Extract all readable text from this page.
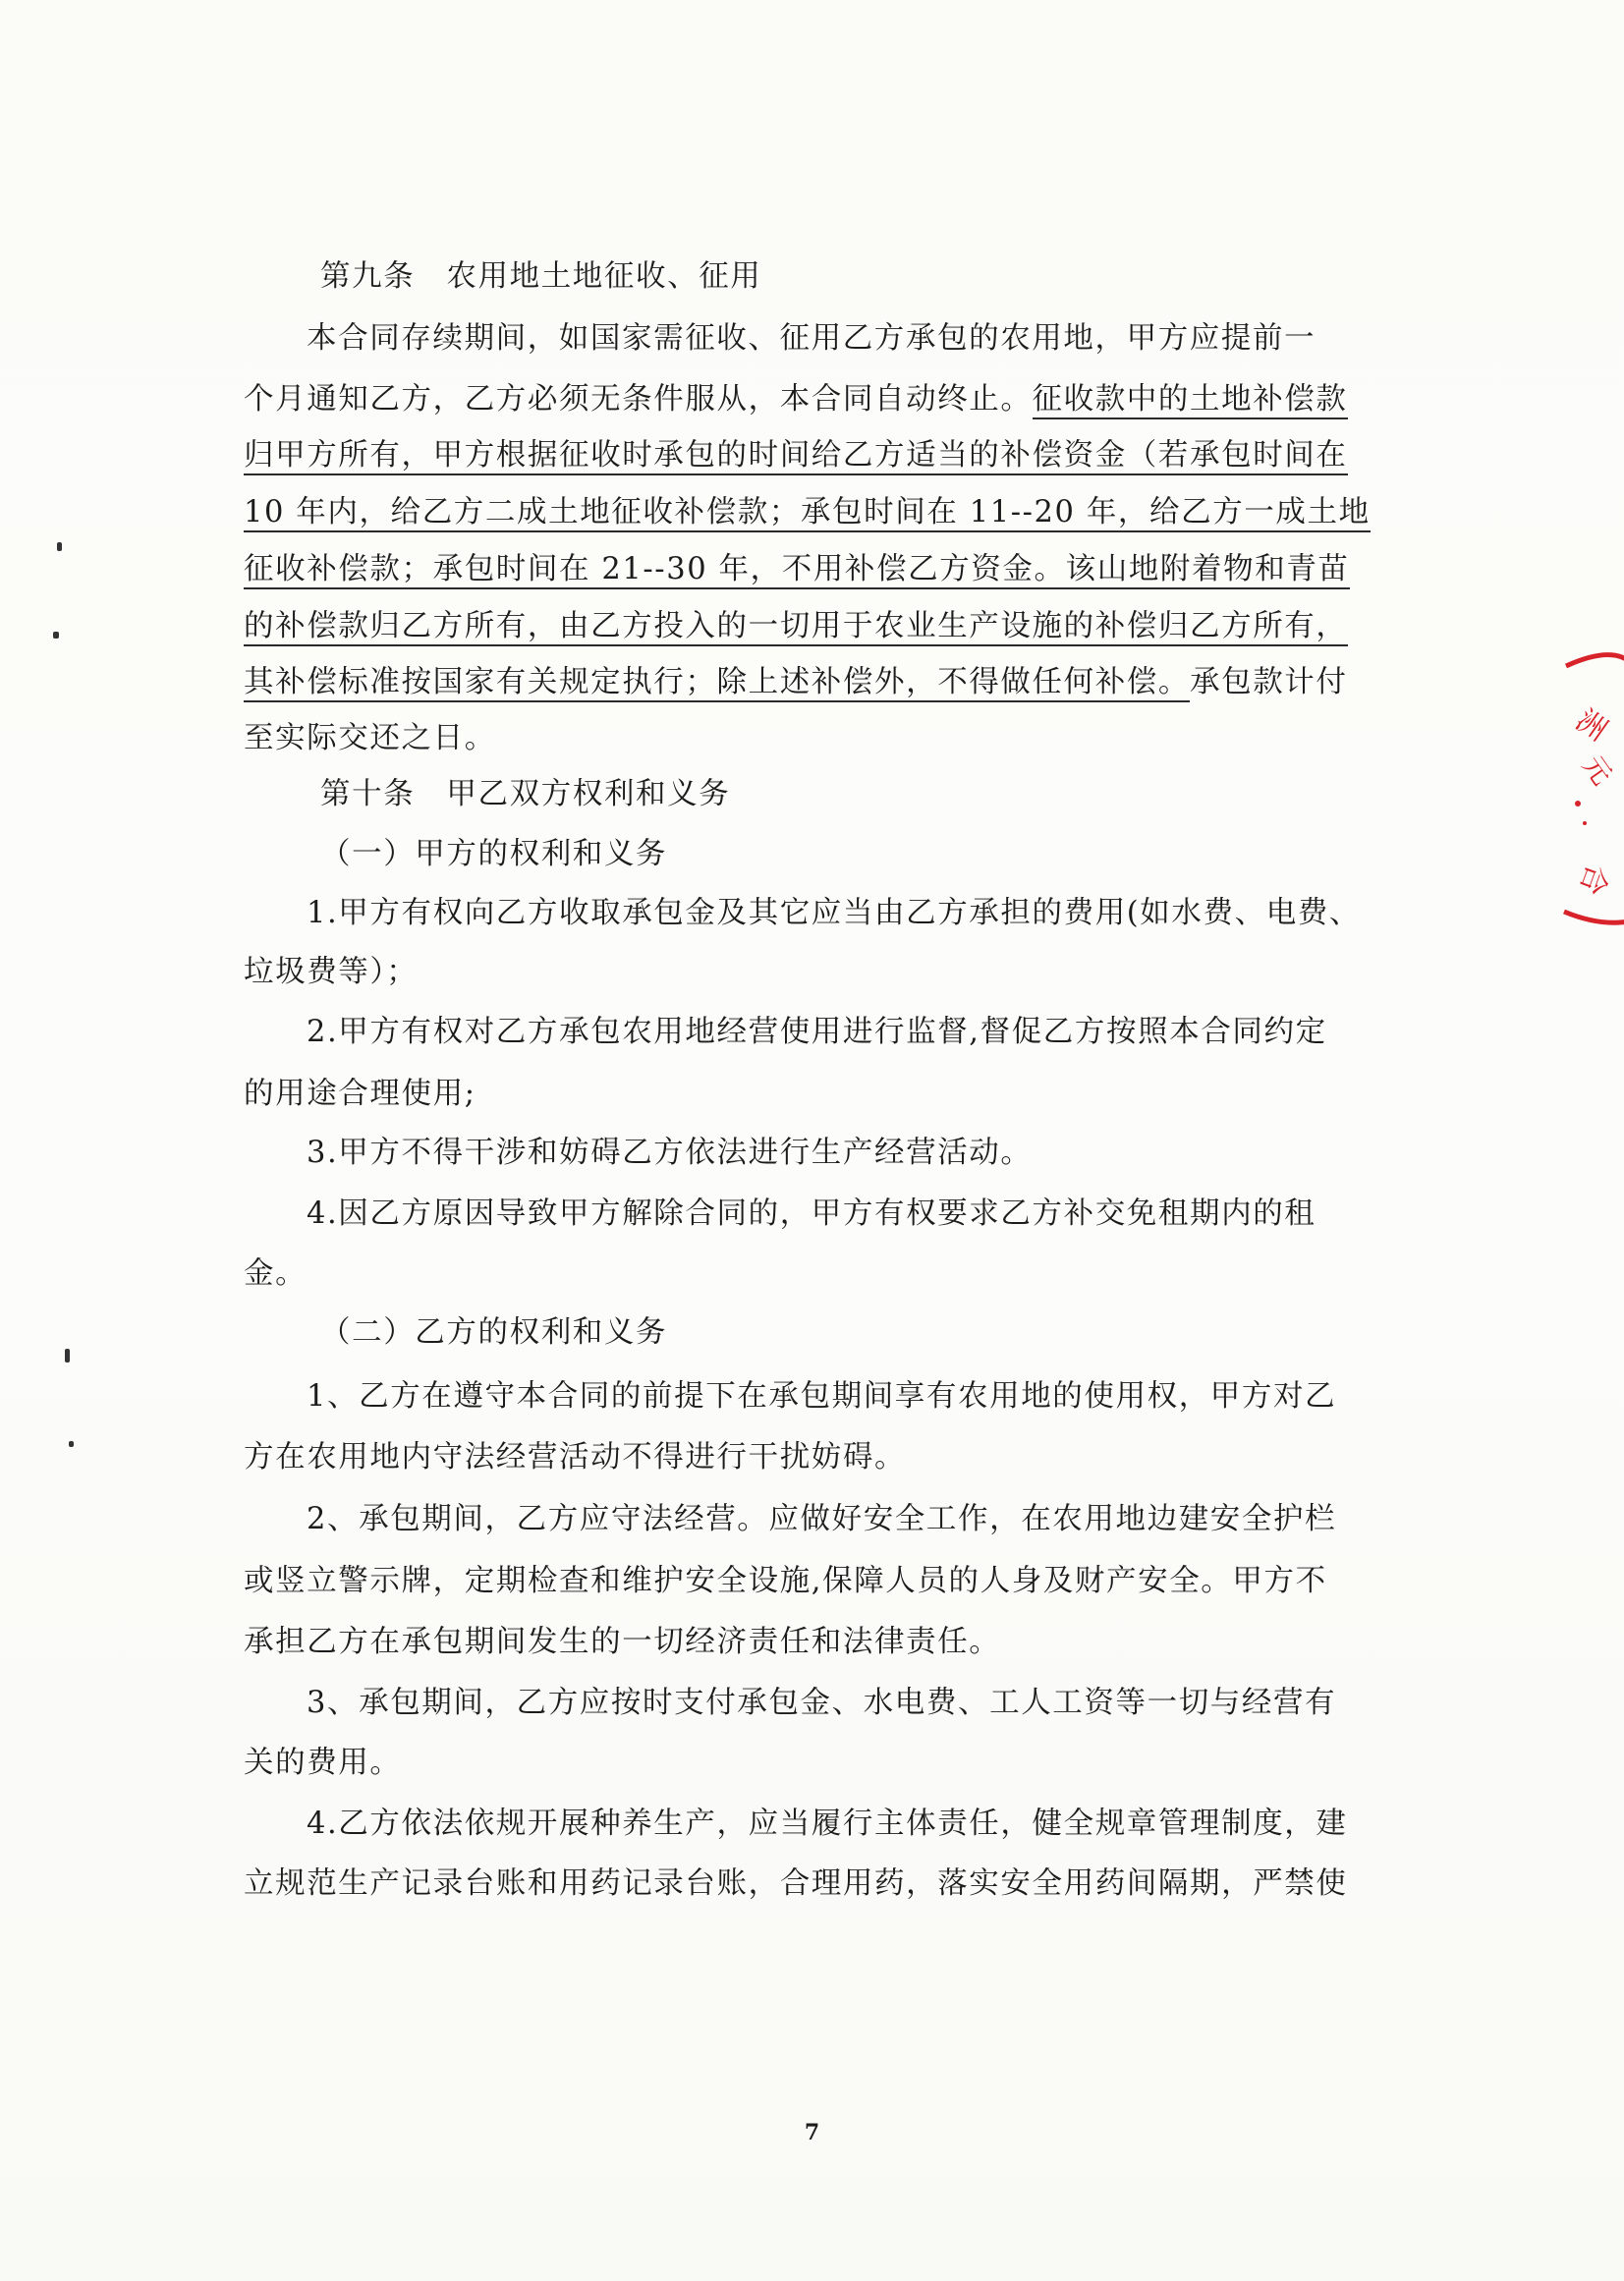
第九条　农用地土地征收、征用
本合同存续期间，如国家需征收、征用乙方承包的农用地，甲方应提前一
个月通知乙方，乙方必须无条件服从，本合同自动终止。征收款中的土地补偿款
归甲方所有，甲方根据征收时承包的时间给乙方适当的补偿资金（若承包时间在
10 年内，给乙方二成土地征收补偿款；承包时间在 11--20 年，给乙方一成土地
征收补偿款；承包时间在 21--30 年，不用补偿乙方资金。该山地附着物和青苗
的补偿款归乙方所有，由乙方投入的一切用于农业生产设施的补偿归乙方所有，
其补偿标准按国家有关规定执行；除上述补偿外，不得做任何补偿。承包款计付
至实际交还之日。
第十条　甲乙双方权利和义务
（一）甲方的权利和义务
1.甲方有权向乙方收取承包金及其它应当由乙方承担的费用(如水费、电费、
垃圾费等）；
2.甲方有权对乙方承包农用地经营使用进行监督,督促乙方按照本合同约定
的用途合理使用;
3.甲方不得干涉和妨碍乙方依法进行生产经营活动。
4.因乙方原因导致甲方解除合同的，甲方有权要求乙方补交免租期内的租
金。
（二）乙方的权利和义务
1、乙方在遵守本合同的前提下在承包期间享有农用地的使用权，甲方对乙
方在农用地内守法经营活动不得进行干扰妨碍。
2、承包期间，乙方应守法经营。应做好安全工作，在农用地边建安全护栏
或竖立警示牌，定期检查和维护安全设施,保障人员的人身及财产安全。甲方不
承担乙方在承包期间发生的一切经济责任和法律责任。
3、承包期间，乙方应按时支付承包金、水电费、工人工资等一切与经营有
关的费用。
4.乙方依法依规开展种养生产，应当履行主体责任，健全规章管理制度，建
立规范生产记录台账和用药记录台账，合理用药，落实安全用药间隔期，严禁使
7
洲
元
合
